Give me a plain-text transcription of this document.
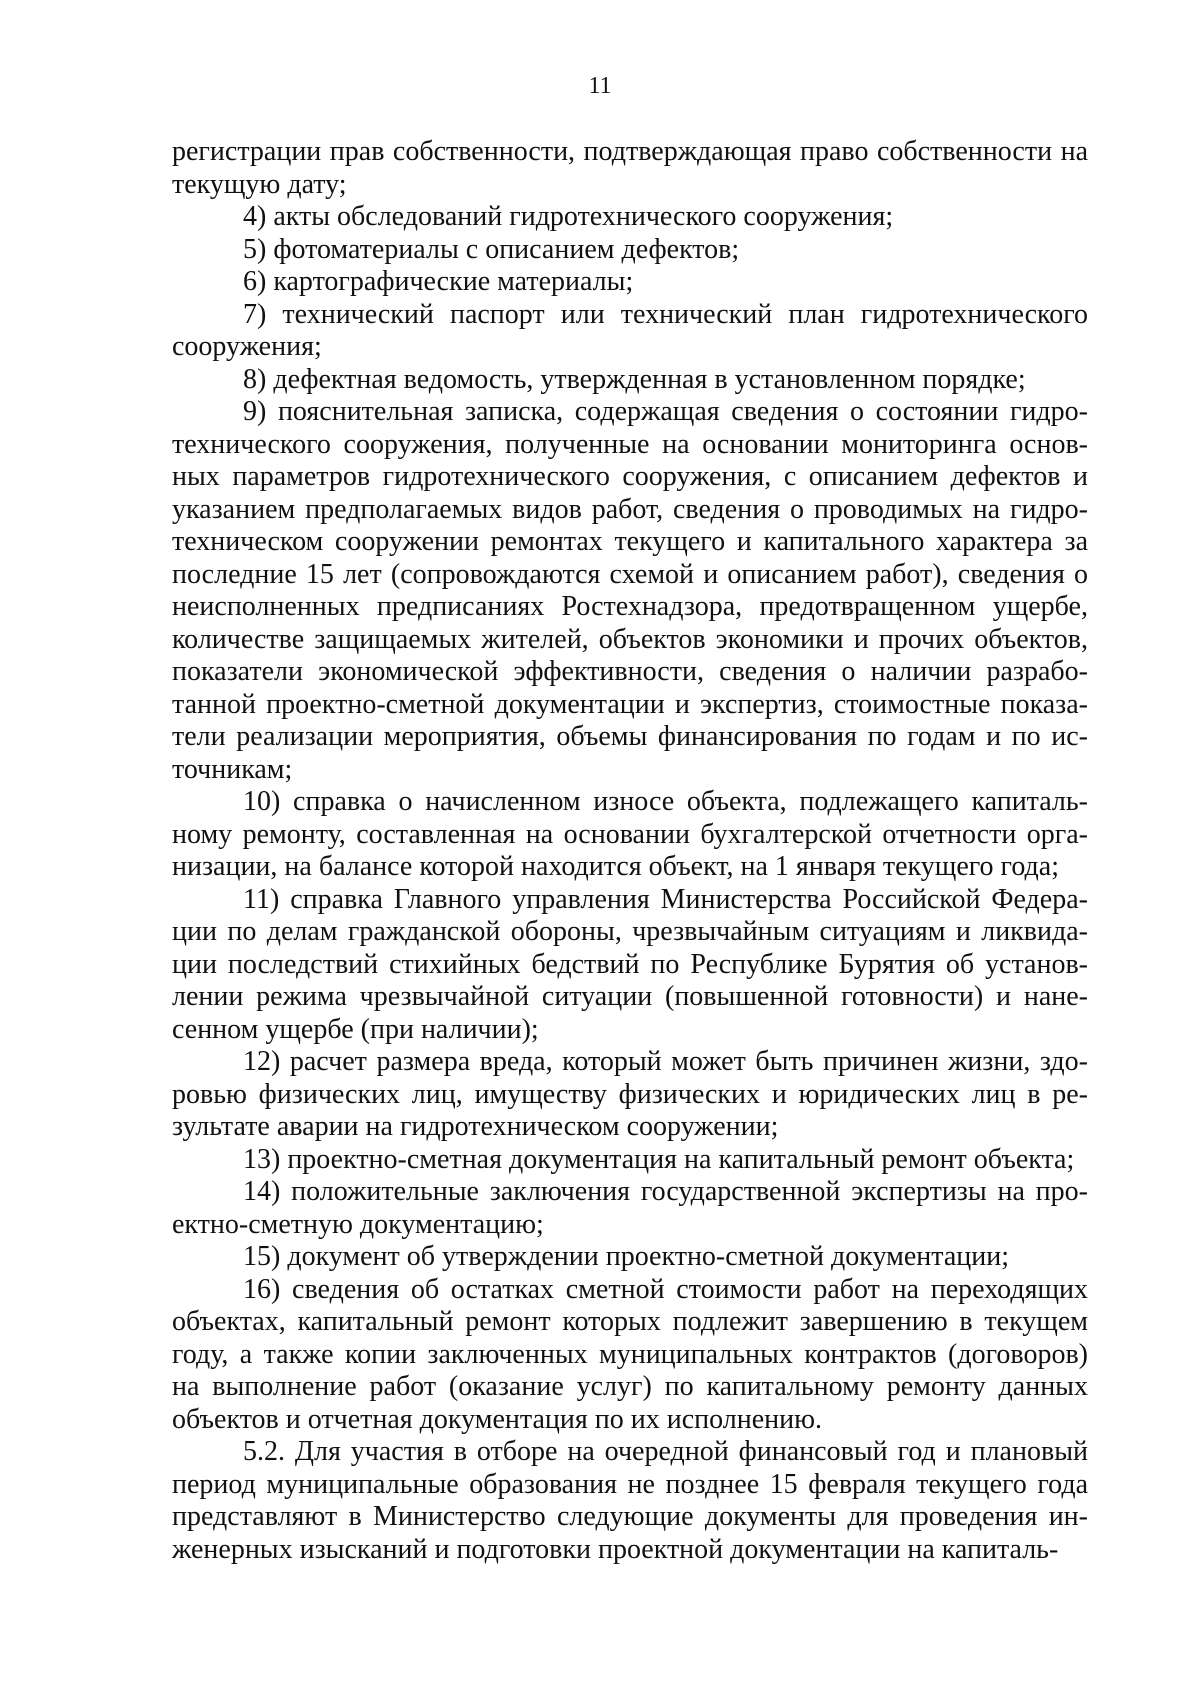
11

регистрации прав собственности, подтверждающая право собственности на текущую дату;

4) акты обследований гидротехнического сооружения;

5) фотоматериалы с описанием дефектов;

6) картографические материалы;

7) технический паспорт или технический план гидротехнического сооружения;

8) дефектная ведомость, утвержденная в установленном порядке;

9) пояснительная записка, содержащая сведения о состоянии гидротехнического сооружения, полученные на основании мониторинга основных параметров гидротехнического сооружения, с описанием дефектов и указанием предполагаемых видов работ, сведения о проводимых на гидротехническом сооружении ремонтах текущего и капитального характера за последние 15 лет (сопровождаются схемой и описанием работ), сведения о неисполненных предписаниях Ростехнадзора, предотвращенном ущербе, количестве защищаемых жителей, объектов экономики и прочих объектов, показатели экономической эффективности, сведения о наличии разработанной проектно-сметной документации и экспертиз, стоимостные показатели реализации мероприятия, объемы финансирования по годам и по источникам;

10) справка о начисленном износе объекта, подлежащего капитальному ремонту, составленная на основании бухгалтерской отчетности организации, на балансе которой находится объект, на 1 января текущего года;

11) справка Главного управления Министерства Российской Федерации по делам гражданской обороны, чрезвычайным ситуациям и ликвидации последствий стихийных бедствий по Республике Бурятия об установлении режима чрезвычайной ситуации (повышенной готовности) и нанесенном ущербе (при наличии);

12) расчет размера вреда, который может быть причинен жизни, здоровью физических лиц, имуществу физических и юридических лиц в результате аварии на гидротехническом сооружении;

13) проектно-сметная документация на капитальный ремонт объекта;

14) положительные заключения государственной экспертизы на проектно-сметную документацию;

15) документ об утверждении проектно-сметной документации;

16) сведения об остатках сметной стоимости работ на переходящих объектах, капитальный ремонт которых подлежит завершению в текущем году, а также копии заключенных муниципальных контрактов (договоров) на выполнение работ (оказание услуг) по капитальному ремонту данных объектов и отчетная документация по их исполнению.

5.2. Для участия в отборе на очередной финансовый год и плановый период муниципальные образования не позднее 15 февраля текущего года представляют в Министерство следующие документы для проведения инженерных изысканий и подготовки проектной документации на капиталь-
